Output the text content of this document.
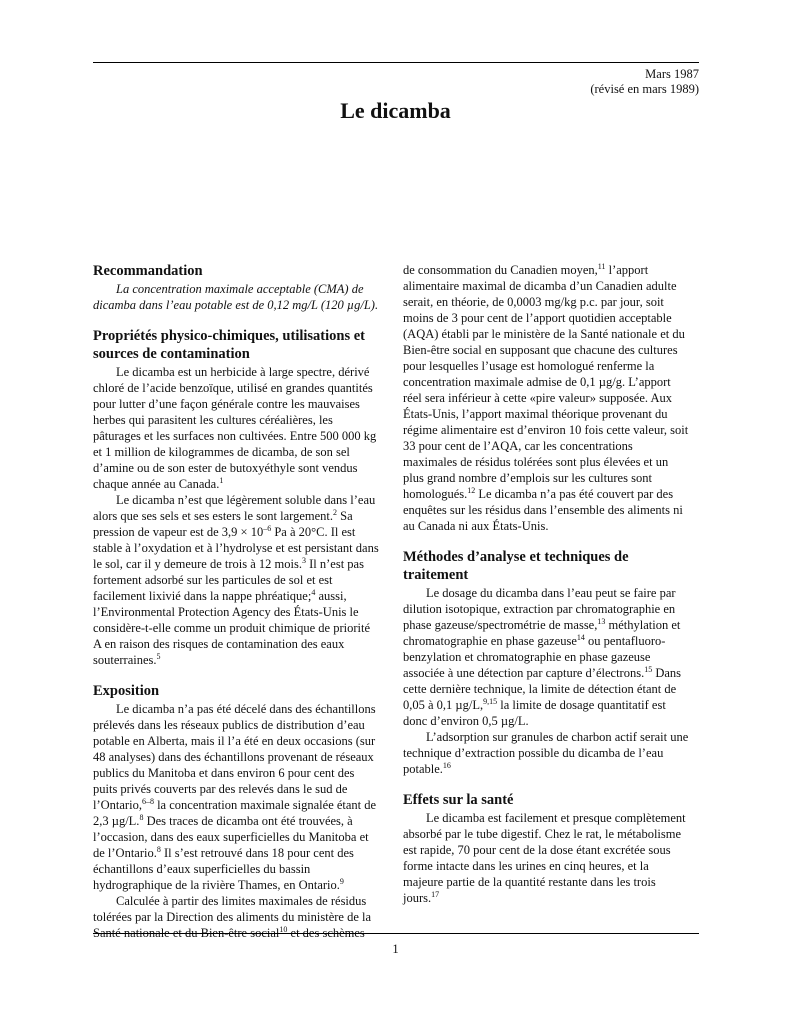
Mars 1987
(révisé en mars 1989)
Le dicamba
Recommandation

La concentration maximale acceptable (CMA) de

dicamba dans l’eau potable est de 0,12 mg/L (120 µg/L).

Propriétés physico-chimiques, utilisations et sources de contamination

Le dicamba est un herbicide à large spectre, dérivé chloré de l’acide benzoïque, utilisé en grandes quantités pour lutter d’une façon générale contre les mauvaises herbes qui parasitent les cultures céréalières, les pâturages et les surfaces non cultivées. Entre 500 000 kg et 1 million de kilogrammes de dicamba, de son sel d’amine ou de son ester de butoxyéthyle sont vendus chaque année au Canada.$^1$

Le dicamba n’est que légèrement soluble dans l’eau alors que ses sels et ses esters le sont largement.$^2$ Sa pression de vapeur est de $3,9 \times 10^{-6}$ Pa à 20°C. Il est stable à l’oxydation et à l’hydrolyse et est persistant dans le sol, car il y demeure de trois à 12 mois.$^3$ Il n’est pas fortement adsorbé sur les particules de sol et est facilement lixivié dans la nappe phréatique;$^4$ aussi, l’Environmental Protection Agency des États-Unis le considère-t-elle comme un produit chimique de priorité A en raison des risques de contamination des eaux souterraines.$^5$

Exposition

Le dicamba n’a pas été décelé dans des échantillons prélevés dans les réseaux publics de distribution d’eau potable en Alberta, mais il l’a été en deux occasions (sur 48 analyses) dans des échantillons provenant de réseaux publics du Manitoba et dans environ 6 pour cent des puits privés couverts par des relevés dans le sud de l’Ontario,$^{6-8}$ la concentration maximale signalée étant de 2,3 µg/L.$^8$ Des traces de dicamba ont été trouvées, à l’occasion, dans des eaux superficielles du Manitoba et de l’Ontario.$^8$ Il s’est retrouvé dans 18 pour cent des échantillons d’eaux superficielles du bassin hydrographique de la rivière Thames, en Ontario.$^9$

Calculée à partir des limites maximales de résidus tolérées par la Direction des aliments du ministère de la Santé nationale et du Bien-être social$^{10}$ et des schèmes

de consommation du Canadien moyen,$^{11}$ l’apport alimentaire maximal de dicamba d’un Canadien adulte serait, en théorie, de 0,0003 mg/kg p.c. par jour, soit moins de 3 pour cent de l’apport quotidien acceptable (AQA) établi par le ministère de la Santé nationale et du Bien-être social en supposant que chacune des cultures pour lesquelles l’usage est homologué renferme la concentration maximale admise de 0,1 µg/g. L’apport réel sera inférieur à cette «pire valeur» supposée. Aux États-Unis, l’apport maximal théorique provenant du régime alimentaire est d’environ 10 fois cette valeur, soit 33 pour cent de l’AQA, car les concentrations maximales de résidus tolérées sont plus élevées et un plus grand nombre d’emplois sur les cultures sont homologués.$^{12}$ Le dicamba n’a pas été couvert par des enquêtes sur les résidus dans l’ensemble des aliments ni au Canada ni aux États-Unis.

Méthodes d’analyse et techniques de traitement

Le dosage du dicamba dans l’eau peut se faire par dilution isotopique, extraction par chromatographie en phase gazeuse/spectrométrie de masse,$^{13}$ méthylation et chromatographie en phase gazeuse$^{14}$ ou pentafluoro-benzylation et chromatographie en phase gazeuse associée à une détection par capture d’électrons.$^{15}$ Dans cette dernière technique, la limite de détection étant de 0,05 à 0,1 µg/L,$^{9,15}$ la limite de dosage quantitatif est donc d’environ 0,5 µg/L.

L’adsorption sur granules de charbon actif serait une technique d’extraction possible du dicamba de l’eau potable.$^{16}$

Effets sur la santé

Le dicamba est facilement et presque complètement absorbé par le tube digestif. Chez le rat, le métabolisme est rapide, 70 pour cent de la dose étant excrétée sous forme intacte dans les urines en cinq heures, et la majeure partie de la quantité restante dans les trois jours.$^{17}$

1
